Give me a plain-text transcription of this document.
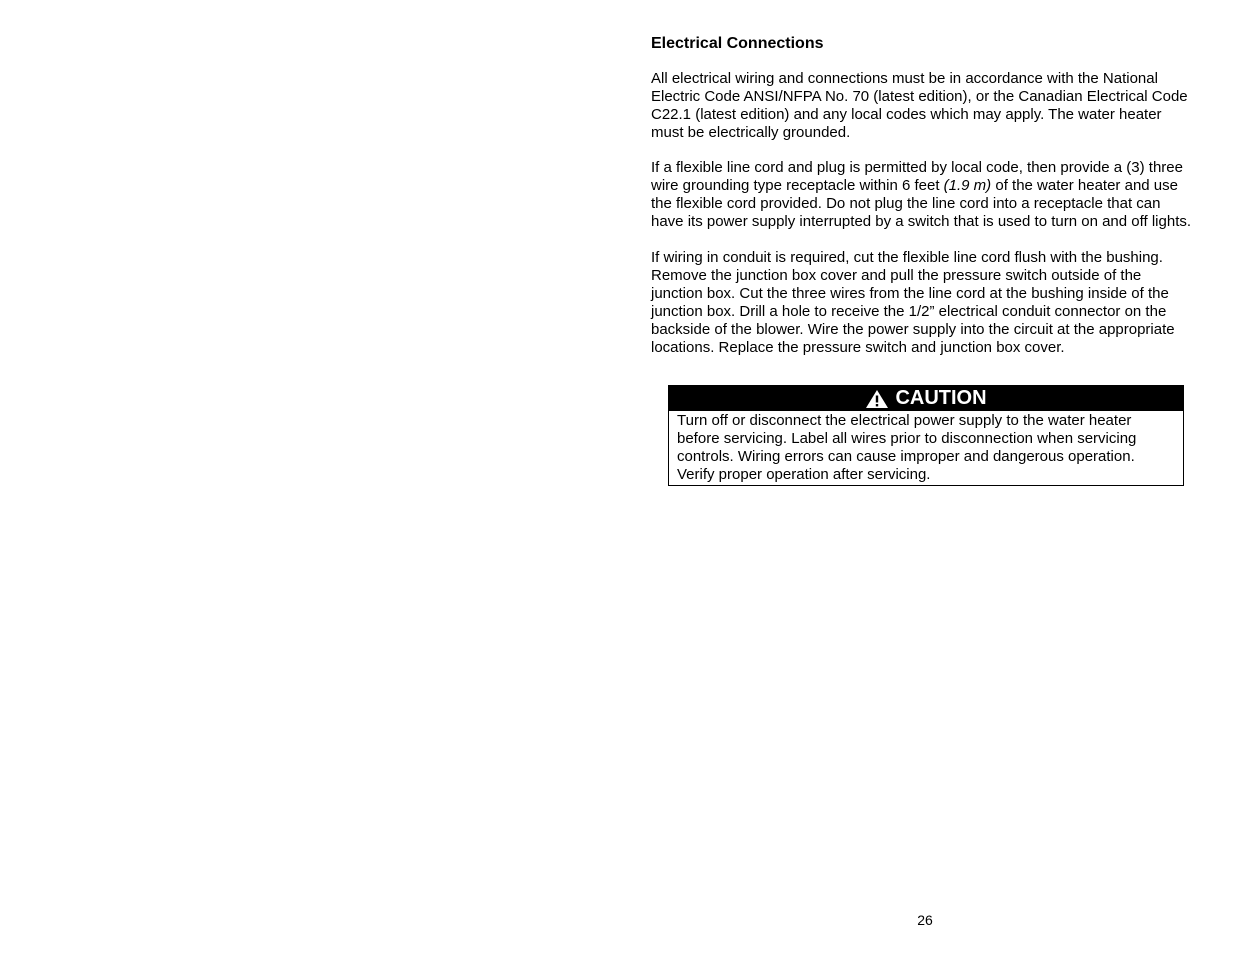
Electrical Connections

All electrical wiring and connections must be in accordance with the National Electric Code ANSI/NFPA No. 70 (latest edition), or the Canadian Electrical Code C22.1 (latest edition) and any local codes which may apply. The water heater must be electrically grounded.

If a flexible line cord and plug is permitted by local code, then provide a (3) three wire grounding type receptacle within 6 feet (1.9 m) of the water heater and use the flexible cord provided. Do not plug the line cord into a receptacle that can have its power supply interrupted by a switch that is used to turn on and off lights.

If wiring in conduit is required, cut the flexible line cord flush with the bushing. Remove the junction box cover and pull the pressure switch outside of the junction box. Cut the three wires from the line cord at the bushing inside of the junction box. Drill a hole to receive the 1/2” electrical conduit connector on the backside of the blower. Wire the power supply into the circuit at the appropriate locations. Replace the pressure switch and junction box cover.

CAUTION
Turn off or disconnect the electrical power supply to the water heater before servicing. Label all wires prior to disconnection when servicing controls. Wiring errors can cause improper and dangerous operation. Verify proper operation after servicing.
26
